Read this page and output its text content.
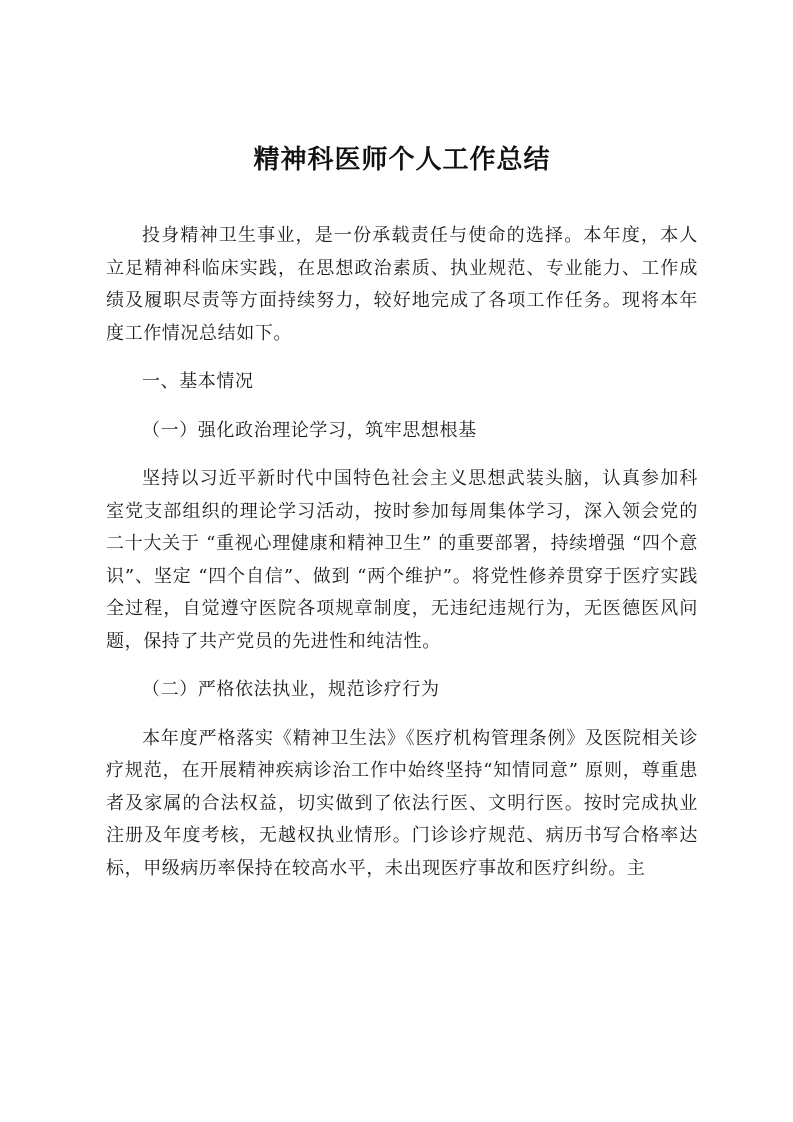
精神科医师个人工作总结

投身精神卫生事业，是一份承载责任与使命的选择。本年度，本人立足精神科临床实践，在思想政治素质、执业规范、专业能力、工作成绩及履职尽责等方面持续努力，较好地完成了各项工作任务。现将本年度工作情况总结如下。

一、基本情况

（一）强化政治理论学习，筑牢思想根基

坚持以习近平新时代中国特色社会主义思想武装头脑，认真参加科室党支部组织的理论学习活动，按时参加每周集体学习，深入领会党的二十大关于 “重视心理健康和精神卫生” 的重要部署，持续增强 “四个意识”、坚定 “四个自信”、做到 “两个维护”。将党性修养贯穿于医疗实践全过程，自觉遵守医院各项规章制度，无违纪违规行为，无医德医风问题，保持了共产党员的先进性和纯洁性。

（二）严格依法执业，规范诊疗行为

本年度严格落实《精神卫生法》《医疗机构管理条例》及医院相关诊疗规范，在开展精神疾病诊治工作中始终坚持“知情同意” 原则，尊重患者及家属的合法权益，切实做到了依法行医、文明行医。按时完成执业注册及年度考核，无越权执业情形。门诊诊疗规范、病历书写合格率达标，甲级病历率保持在较高水平，未出现医疗事故和医疗纠纷。主
